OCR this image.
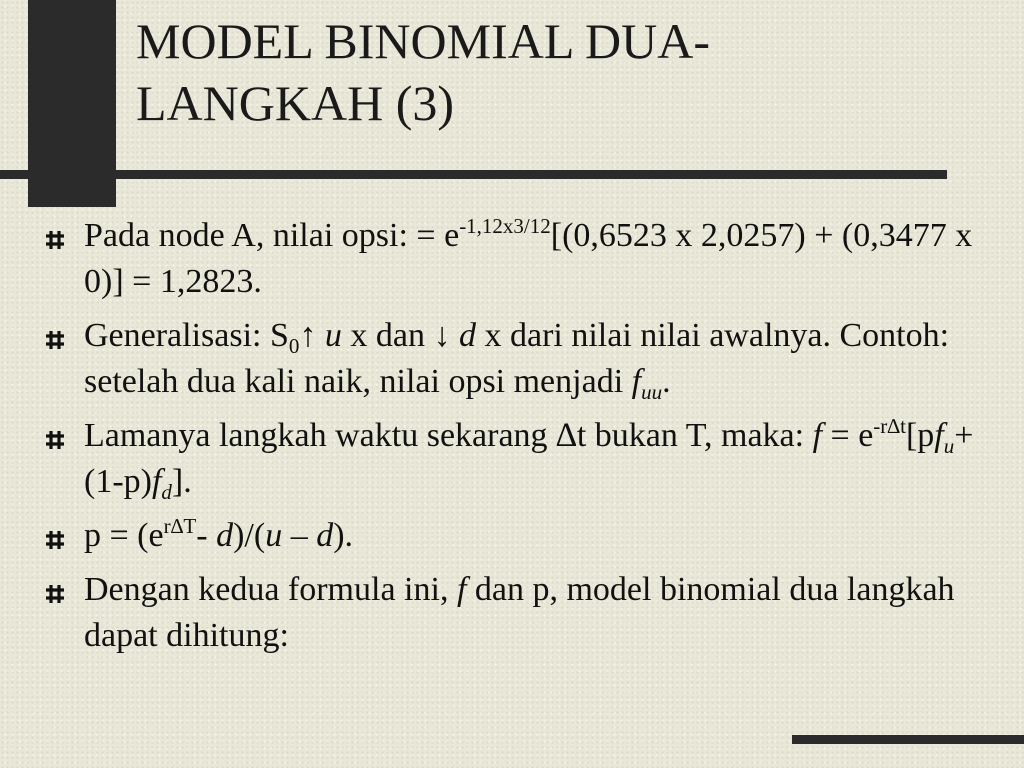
MODEL BINOMIAL DUA-
LANGKAH (3)
Pada node A, nilai opsi: = $e^{-1,12x3/12}[(0,6523$ x 2,0257) + (0,3477 x 0)] = 1,2823.
Generalisasi: $S_0↑$ u x dan ↓ d x dari nilai nilai awalnya. Contoh: setelah dua kali naik, nilai opsi menjadi $f_{uu}$.
Lamanya langkah waktu sekarang ∆t bukan T, maka: $f = e^{-r\Delta t}[pf_u+ (1-p)f_d]$.
$p = (e^{r\Delta T}-$ d)/(u – d).
Dengan kedua formula ini, f dan p, model binomial dua langkah dapat dihitung:
